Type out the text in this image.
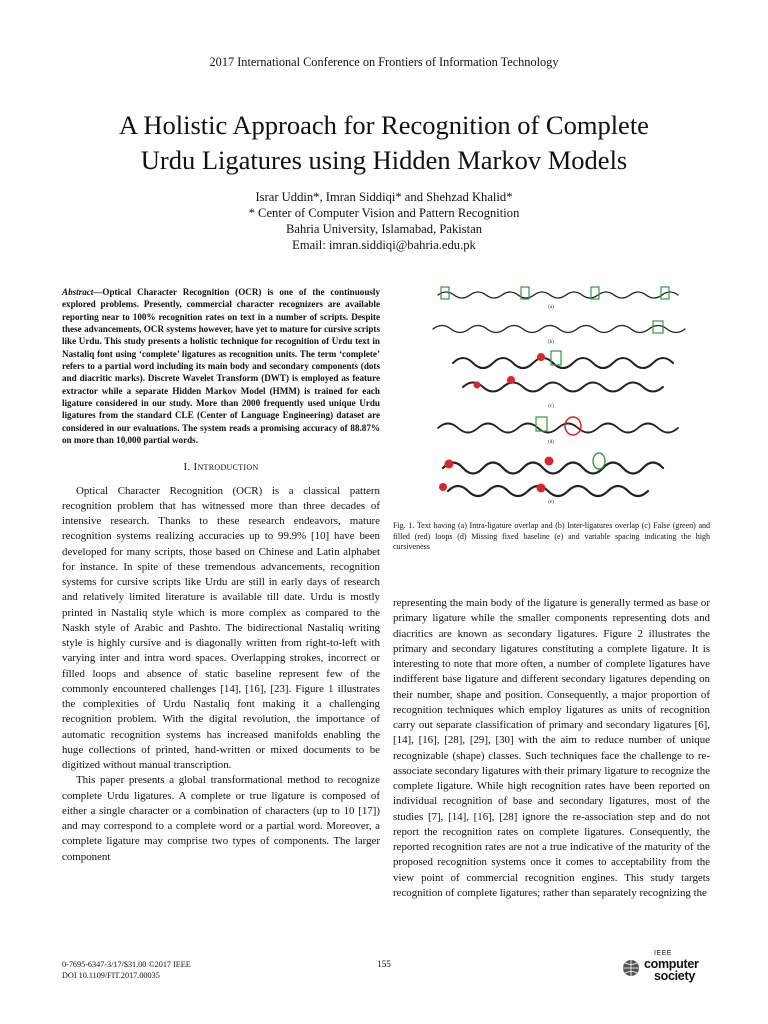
2017 International Conference on Frontiers of Information Technology
A Holistic Approach for Recognition of Complete
Urdu Ligatures using Hidden Markov Models
Israr Uddin*, Imran Siddiqi* and Shehzad Khalid*
* Center of Computer Vision and Pattern Recognition
Bahria University, Islamabad, Pakistan
Email: imran.siddiqi@bahria.edu.pk
Abstract—Optical Character Recognition (OCR) is one of the continuously explored problems. Presently, commercial character recognizers are available reporting near to 100% recognition rates on text in a number of scripts. Despite these advancements, OCR systems however, have yet to mature for cursive scripts like Urdu. This study presents a holistic technique for recognition of Urdu text in Nastaliq font using ‘complete’ ligatures as recognition units. The term ‘complete’ refers to a partial word including its main body and secondary components (dots and diacritic marks). Discrete Wavelet Transform (DWT) is employed as feature extractor while a separate Hidden Markov Model (HMM) is trained for each ligature considered in our study. More than 2000 frequently used unique Urdu ligatures from the standard CLE (Center of Language Engineering) dataset are considered in our evaluations. The system reads a promising accuracy of 88.87% on more than 10,000 partial words.
I. Introduction

Optical Character Recognition (OCR) is a classical pattern recognition problem that has witnessed more than three decades of intensive research. Thanks to these research endeavors, mature recognition systems realizing accuracies up to 99.9% [10] have been developed for many scripts, those based on Chinese and Latin alphabet for instance. In spite of these tremendous advancements, recognition systems for cursive scripts like Urdu are still in early days of research and relatively limited literature is available till date. Urdu is mostly printed in Nastaliq style which is more complex as compared to the Naskh style of Arabic and Pashto. The bidirectional Nastaliq writing style is highly cursive and is diagonally written from right-to-left with varying inter and intra word spaces. Overlapping strokes, incorrect or filled loops and absence of static baseline represent few of the commonly encountered challenges [14], [16], [23]. Figure 1 illustrates the complexities of Urdu Nastaliq font making it a challenging recognition problem. With the digital revolution, the importance of automatic recognition systems has increased manifolds enabling the huge collections of printed, hand-written or mixed documents to be digitized without manual transcription.

This paper presents a global transformational method to recognize complete Urdu ligatures. A complete or true ligature is composed of either a single character or a combination of characters (up to 10 [17]) and may correspond to a complete word or a partial word. Moreover, a complete ligature may comprise two types of components. The larger component

(a)
(b)
(c)
(d)
(e)
Fig. 1. Text having (a) Intra-ligature overlap and (b) Inter-ligatures overlap (c) False (green) and filled (red) loops (d) Missing fixed baseline (e) and variable spacing indicating the high cursiveness

representing the main body of the ligature is generally termed as base or primary ligature while the smaller components representing dots and diacritics are known as secondary ligatures. Figure 2 illustrates the primary and secondary ligatures constituting a complete ligature. It is interesting to note that more often, a number of complete ligatures have indifferent base ligature and different secondary ligatures depending on their number, shape and position. Consequently, a major proportion of recognition techniques which employ ligatures as units of recognition carry out separate classification of primary and secondary ligatures [6], [14], [16], [28], [29], [30] with the aim to reduce number of unique recognizable (shape) classes. Such techniques face the challenge to re-associate secondary ligatures with their primary ligature to recognize the complete ligature. While high recognition rates have been reported on individual recognition of base and secondary ligatures, most of the studies [7], [14], [16], [28] ignore the re-association step and do not report the recognition rates on complete ligatures. Consequently, the reported recognition rates are not a true indicative of the maturity of the proposed recognition systems once it comes to acceptability from the view point of commercial recognition engines. This study targets recognition of complete ligatures; rather than separately recognizing the

0-7695-6347-3/17/$31.00 ©2017 IEEE
DOI 10.1109/FIT.2017.00035
155
IEEE
computer
society
